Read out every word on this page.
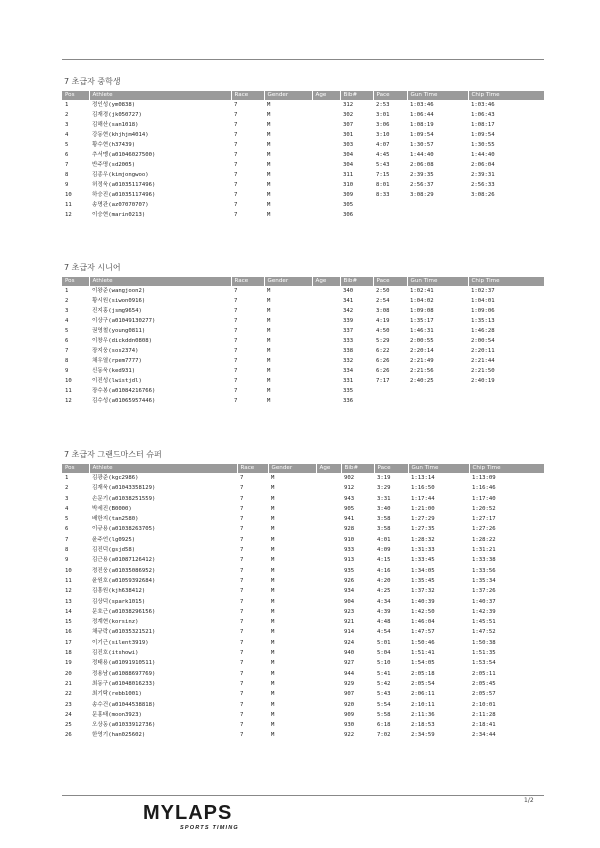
7 초급자 중학생
Pos	Athlete	Race	Gender	Age	Bib#	Pace	Gun Time	Chip Time
1	정인성(ym0838)	7	M		312	2:53	1:03:46	1:03:46
2	김재경(jk050727)	7	M		302	3:01	1:06:44	1:06:43
3	김해산(san1018)	7	M		307	3:06	1:08:19	1:08:17
4	강동현(khjhjm4014)	7	M		301	3:10	1:09:54	1:09:54
5	황수현(h37439)	7	M		303	4:07	1:30:57	1:30:55
6	추서멩(a01046027500)	7	M		304	4:45	1:44:40	1:44:40
7	반주명(sd2005)	7	M		304	5:43	2:06:08	2:06:04
8	김종우(kimjongwoo)	7	M		311	7:15	2:39:35	2:39:31
9	허정욱(a01035117496)	7	M		310	8:01	2:56:37	2:56:33
10	하승진(a01035117496)	7	M		309	8:33	3:08:29	3:08:26
11	송명관(az07070707)	7	M		305			
12	이승현(marin0213)	7	M		306			
7 초급자 시니어
Pos	Athlete	Race	Gender	Age	Bib#	Pace	Gun Time	Chip Time
1	이왕준(wangjoon2)	7	M		340	2:50	1:02:41	1:02:37
2	황시원(siwon0916)	7	M		341	2:54	1:04:02	1:04:01
3	진지홍(jsmg9654)	7	M		342	3:08	1:09:08	1:09:06
4	이상구(a01049130277)	7	M		339	4:19	1:35:17	1:35:13
5	권영철(young0811)	7	M		337	4:50	1:46:31	1:46:28
6	이창우(dickddn0808)	7	M		333	5:29	2:00:55	2:00:54
7	장지웅(sos2374)	7	M		338	6:22	2:20:14	2:20:11
8	채우열(rpem7777)	7	M		332	6:26	2:21:49	2:21:44
9	신동욱(ked931)	7	M		334	6:26	2:21:56	2:21:50
10	이진성(lwistjdl)	7	M		331	7:17	2:40:25	2:40:19
11	장수봉(a01084216766)	7	M		335			
12	김수성(a01065957446)	7	M		336			
7 초급자 그랜드마스터 슈퍼
Pos	Athlete	Race	Gender	Age	Bib#	Pace	Gun Time	Chip Time
1	김광준(kgc2986)	7	M		902	3:19	1:13:14	1:13:09
2	김재욱(a01043358129)	7	M		912	3:29	1:16:50	1:16:46
3	손문기(a01038251559)	7	M		943	3:31	1:17:44	1:17:40
4	박세진(B0000)	7	M		905	3:40	1:21:00	1:20:52
5	배한지(tan2580)	7	M		941	3:58	1:27:29	1:27:17
6	이규용(a01038263705)	7	M		928	3:58	1:27:35	1:27:26
7	윤주언(lg0925)	7	M		910	4:01	1:28:32	1:28:22
8	김진덕(gsjd58)	7	M		933	4:09	1:31:33	1:31:21
9	김근용(a01087126412)	7	M		913	4:15	1:33:45	1:33:38
10	정진웅(a01035086952)	7	M		935	4:16	1:34:05	1:33:56
11	윤원호(a01059392684)	7	M		926	4:20	1:35:45	1:35:34
12	김흥원(kjh638412)	7	M		934	4:25	1:37:32	1:37:26
13	김상덕(spark1015)	7	M		904	4:34	1:40:39	1:40:37
14	문호근(a01038296156)	7	M		923	4:39	1:42:50	1:42:39
15	정계현(korsinz)	7	M		921	4:48	1:46:04	1:45:51
16	채규락(a01035321521)	7	M		914	4:54	1:47:57	1:47:52
17	이기근(silent3919)	7	M		924	5:01	1:50:46	1:50:38
18	김진호(itshowi)	7	M		940	5:04	1:51:41	1:51:35
19	정태용(a01091910511)	7	M		927	5:10	1:54:05	1:53:54
20	정용남(a01088697769)	7	M		944	5:41	2:05:18	2:05:11
21	최동구(a01048016233)	7	M		929	5:42	2:05:54	2:05:45
22	최기탁(rebb1001)	7	M		907	5:43	2:06:11	2:05:57
23	송수건(a01044538818)	7	M		920	5:54	2:10:11	2:10:01
24	문홍태(moon3923)	7	M		909	5:58	2:11:36	2:11:28
25	오상동(a01033912736)	7	M		930	6:18	2:18:53	2:18:41
26	한영기(han025602)	7	M		922	7:02	2:34:59	2:34:44
1/2
MYLAPS
SPORTS TIMING
